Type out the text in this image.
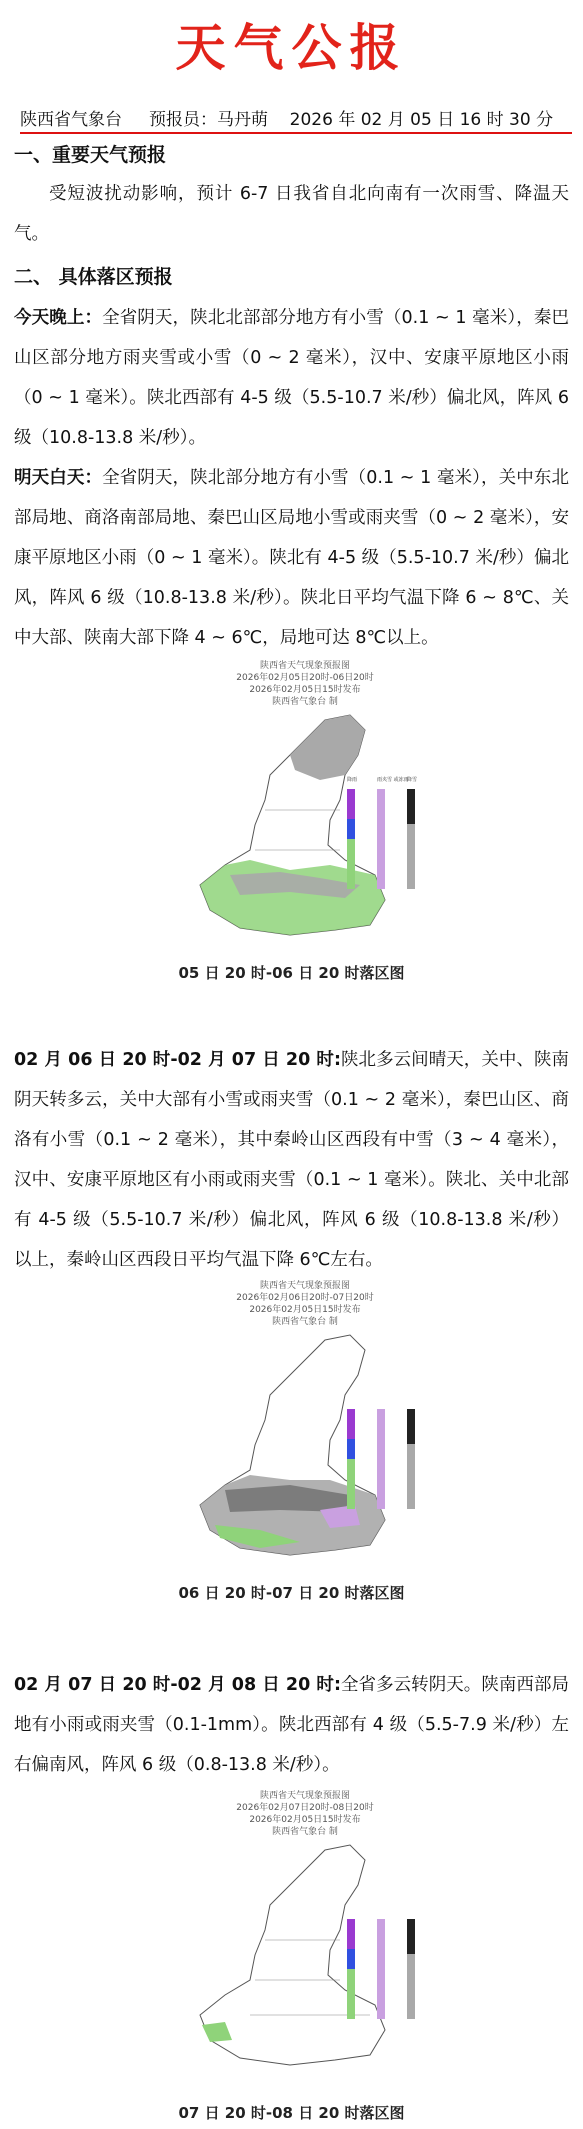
天气公报
陕西省气象台 预报员：马丹萌 2026 年 02 月 05 日 16 时 30 分
一、重要天气预报
受短波扰动影响，预计 6-7 日我省自北向南有一次雨雪、降温天气。
二、 具体落区预报
今天晚上：全省阴天，陕北北部部分地方有小雪（0.1 ~ 1 毫米），秦巴山区部分地方雨夹雪或小雪（0 ~ 2 毫米），汉中、安康平原地区小雨（0 ~ 1 毫米）。陕北西部有 4-5 级（5.5-10.7 米/秒）偏北风，阵风 6 级（10.8-13.8 米/秒）。
明天白天：全省阴天，陕北部分地方有小雪（0.1 ~ 1 毫米），关中东北部局地、商洛南部局地、秦巴山区局地小雪或雨夹雪（0 ~ 2 毫米），安康平原地区小雨（0 ~ 1 毫米）。陕北有 4-5 级（5.5-10.7 米/秒）偏北风，阵风 6 级（10.8-13.8 米/秒）。陕北日平均气温下降 6 ~ 8℃、关中大部、陕南大部下降 4 ~ 6℃，局地可达 8℃以上。
陕西省天气现象预报图
2026年02月05日20时-06日20时
2026年02月05日15时发布
陕西省气象台 制
降雨	雨夹雪 或冻雨
降雪
05 日 20 时-06 日 20 时落区图
02 月 06 日 20 时-02 月 07 日 20 时:陕北多云间晴天，关中、陕南阴天转多云，关中大部有小雪或雨夹雪（0.1 ~ 2 毫米），秦巴山区、商洛有小雪（0.1 ~ 2 毫米），其中秦岭山区西段有中雪（3 ~ 4 毫米），汉中、安康平原地区有小雨或雨夹雪（0.1 ~ 1 毫米）。陕北、关中北部有 4-5 级（5.5-10.7 米/秒）偏北风，阵风 6 级（10.8-13.8 米/秒）以上，秦岭山区西段日平均气温下降 6℃左右。
陕西省天气现象预报图
2026年02月06日20时-07日20时
2026年02月05日15时发布
陕西省气象台 制
06 日 20 时-07 日 20 时落区图
02 月 07 日 20 时-02 月 08 日 20 时:全省多云转阴天。陕南西部局地有小雨或雨夹雪（0.1-1mm）。陕北西部有 4 级（5.5-7.9 米/秒）左右偏南风，阵风 6 级（0.8-13.8 米/秒）。
陕西省天气现象预报图
2026年02月07日20时-08日20时
2026年02月05日15时发布
陕西省气象台 制
07 日 20 时-08 日 20 时落区图
